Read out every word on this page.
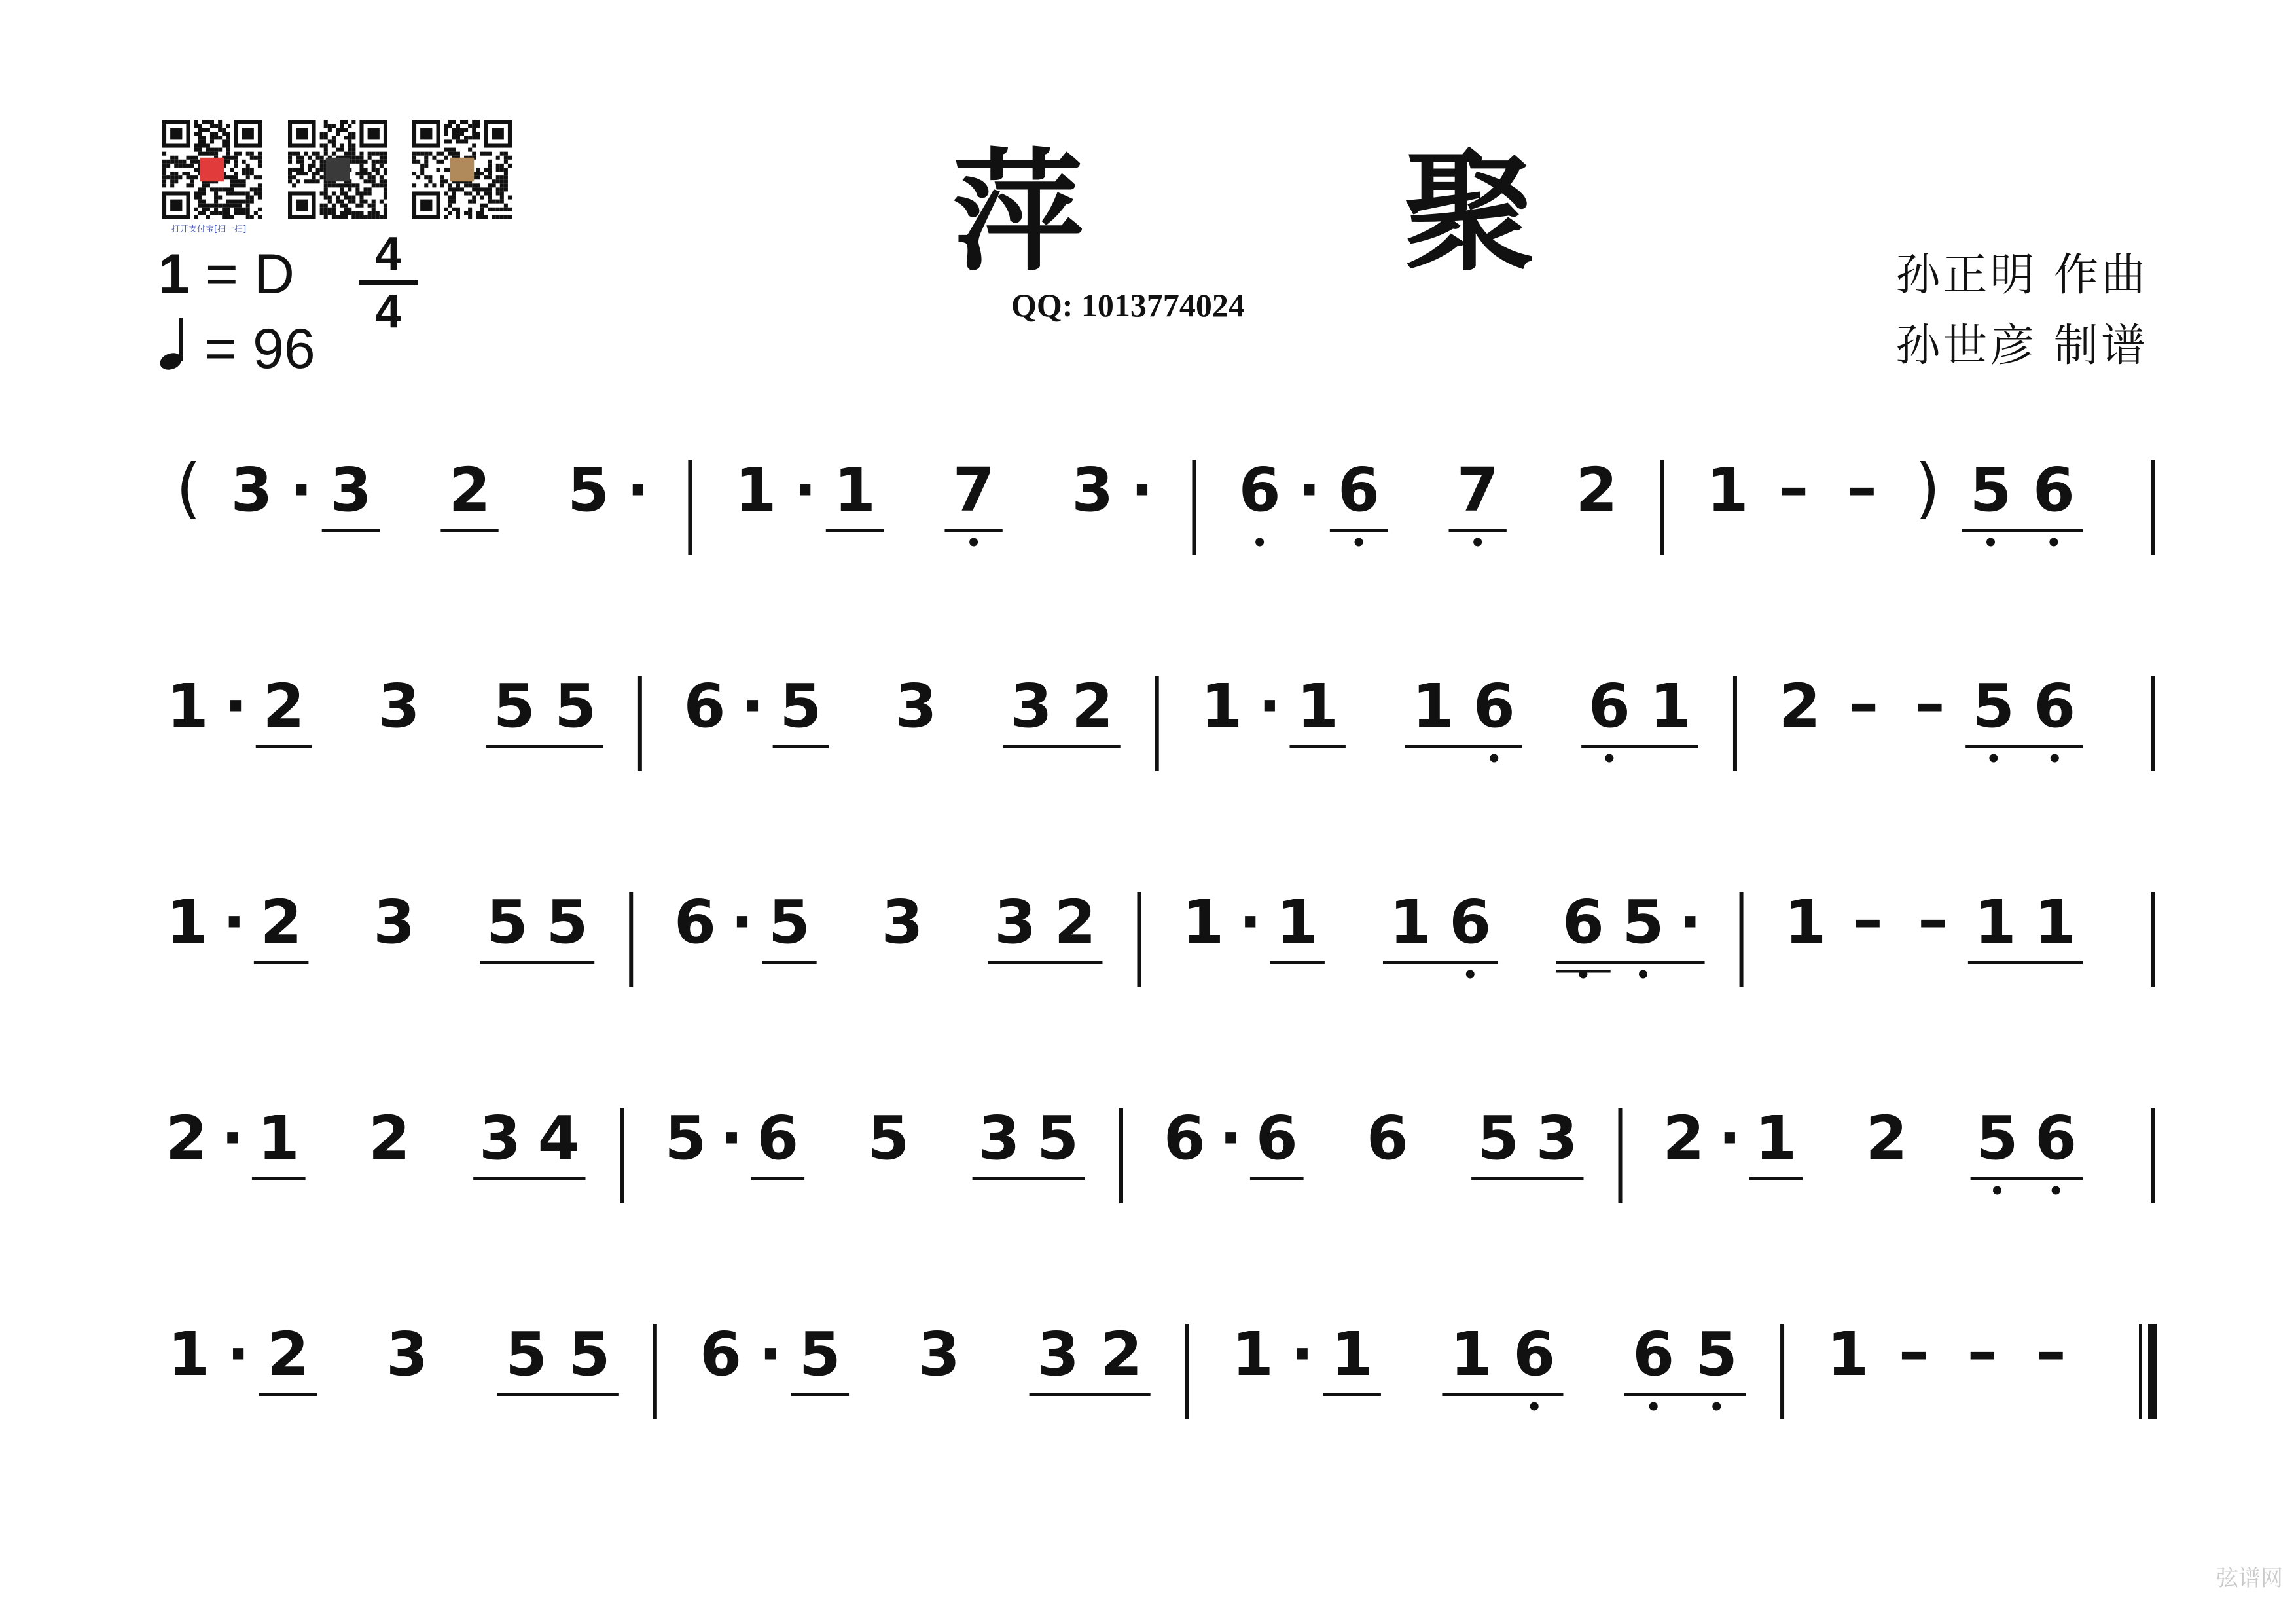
打开支付宝[扫一扫]	萍 聚
QQ: 1013774024
孙正明 作曲
孙世彦 制谱
1 = D	4
4
= 96
( 3 · 3 2 5 · 1 · 1 7 3 · 6 · 6 7 2 1 – – ) 5 6
1 · 2 3 5 5 6 · 5 3 3 2 1 · 1 1 6 6 1 2 – – 5 6
1 · 2 3 5 5 6 · 5 3 3 2 1 · 1 1 6 6 5 · 1 – – 1 1
2 · 1 2 3 4 5 · 6 5 3 5 6 · 6 6 5 3 2 · 1 2 5 6
1 · 2 3 5 5 6 · 5 3 3 2 1 · 1 1 6 6 5 1 – – –
弦谱网
